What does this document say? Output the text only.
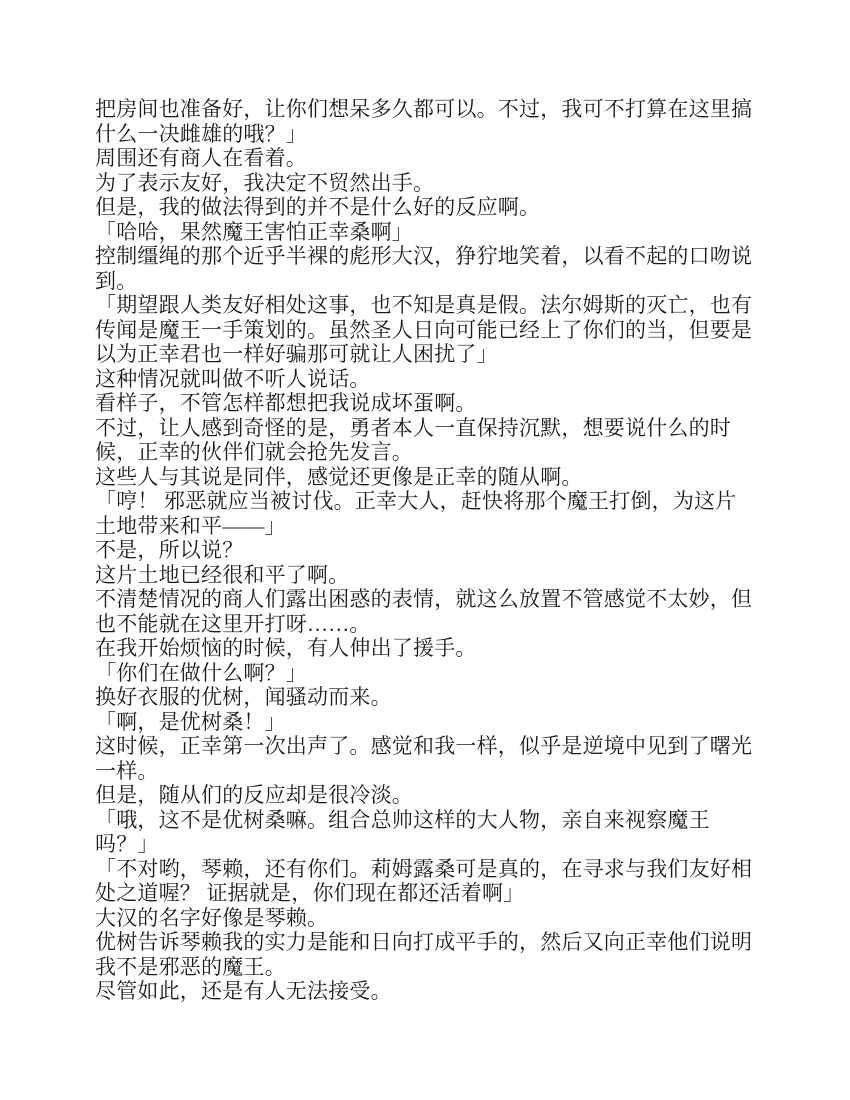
把房间也准备好，让你们想呆多久都可以。不过，我可不打算在这里搞
什么一决雌雄的哦？」
周围还有商人在看着。
为了表示友好，我决定不贸然出手。
但是，我的做法得到的并不是什么好的反应啊。
「哈哈，果然魔王害怕正幸桑啊」
控制缰绳的那个近乎半裸的彪形大汉，狰狞地笑着，以看不起的口吻说
到。
「期望跟人类友好相处这事，也不知是真是假。法尔姆斯的灭亡，也有
传闻是魔王一手策划的。虽然圣人日向可能已经上了你们的当，但要是
以为正幸君也一样好骗那可就让人困扰了」
这种情况就叫做不听人说话。
看样子，不管怎样都想把我说成坏蛋啊。
不过，让人感到奇怪的是，勇者本人一直保持沉默，想要说什么的时
候，正幸的伙伴们就会抢先发言。
这些人与其说是同伴，感觉还更像是正幸的随从啊。
「哼！ 邪恶就应当被讨伐。正幸大人，赶快将那个魔王打倒，为这片
土地带来和平——」
不是，所以说？
这片土地已经很和平了啊。
不清楚情况的商人们露出困惑的表情，就这么放置不管感觉不太妙，但
也不能就在这里开打呀……。
在我开始烦恼的时候，有人伸出了援手。
「你们在做什么啊？」
换好衣服的优树，闻骚动而来。
「啊，是优树桑！」
这时候，正幸第一次出声了。感觉和我一样，似乎是逆境中见到了曙光
一样。
但是，随从们的反应却是很冷淡。
「哦，这不是优树桑嘛。组合总帅这样的大人物，亲自来视察魔王
吗？」
「不对哟，琴赖，还有你们。莉姆露桑可是真的，在寻求与我们友好相
处之道喔？ 证据就是，你们现在都还活着啊」
大汉的名字好像是琴赖。
优树告诉琴赖我的实力是能和日向打成平手的，然后又向正幸他们说明
我不是邪恶的魔王。
尽管如此，还是有人无法接受。
